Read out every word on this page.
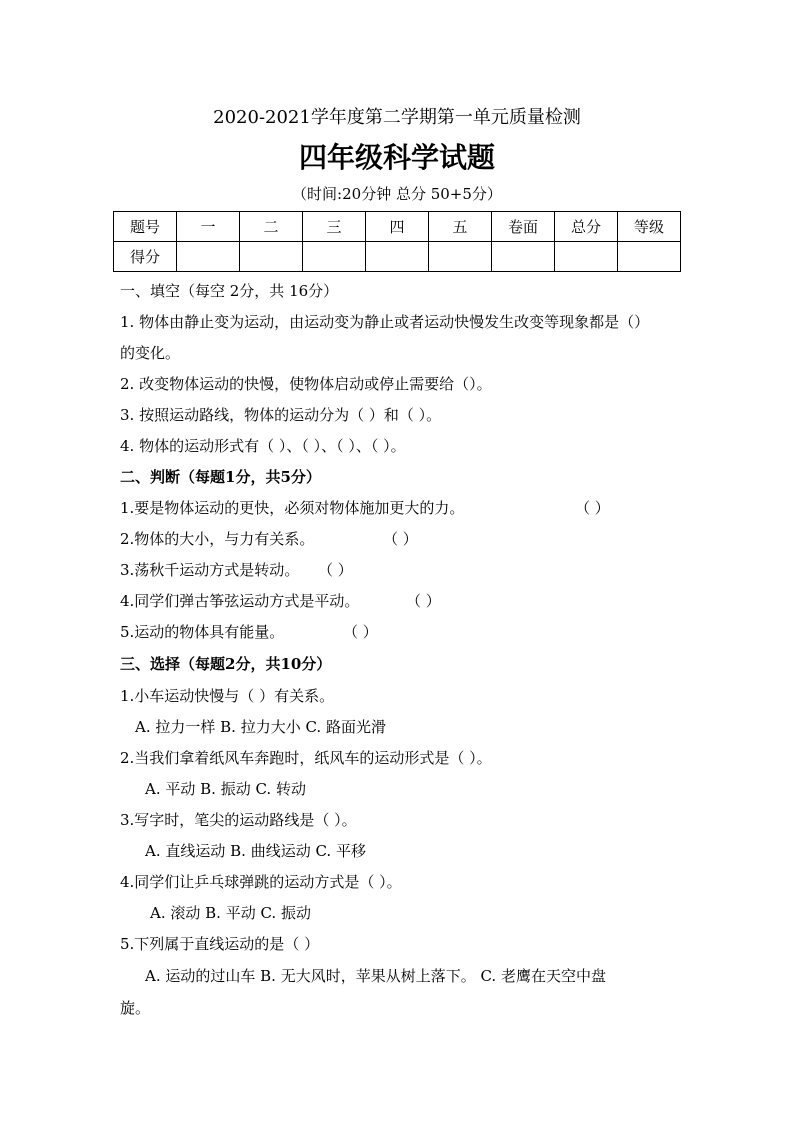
2020-2021学年度第二学期第一单元质量检测
四年级科学试题
（时间:20分钟 总分 50+5分）
题号	一	二	三	四	五	卷面	总分	等级
得分								
一、填空（每空 2分，共 16分）
1. 物体由静止变为运动，由运动变为静止或者运动快慢发生改变等现象都是（）
的变化。
2. 改变物体运动的快慢，使物体启动或停止需要给（）。
3. 按照运动路线，物体的运动分为（ ）和（ ）。
4. 物体的运动形式有（ ）、（ ）、（ ）、（ ）。
二、判断（每题1分，共5分）
1.要是物体运动的更快，必须对物体施加更大的力。	（ ）
2.物体的大小，与力有关系。	（ ）
3.荡秋千运动方式是转动。 （ ）
4.同学们弹古筝弦运动方式是平动。	（ ）
5.运动的物体具有能量。	（ ）
三、选择（每题2分，共10分）
1.小车运动快慢与（ ）有关系。
A. 拉力一样 B. 拉力大小 C. 路面光滑
2.当我们拿着纸风车奔跑时，纸风车的运动形式是（ ）。
A. 平动 B. 振动 C. 转动
3.写字时，笔尖的运动路线是（ ）。
A. 直线运动 B. 曲线运动 C. 平移
4.同学们让乒乓球弹跳的运动方式是（ ）。
A. 滚动 B. 平动 C. 振动
5.下列属于直线运动的是（ ）
A. 运动的过山车 B. 无大风时，苹果从树上落下。 C. 老鹰在天空中盘
旋。
